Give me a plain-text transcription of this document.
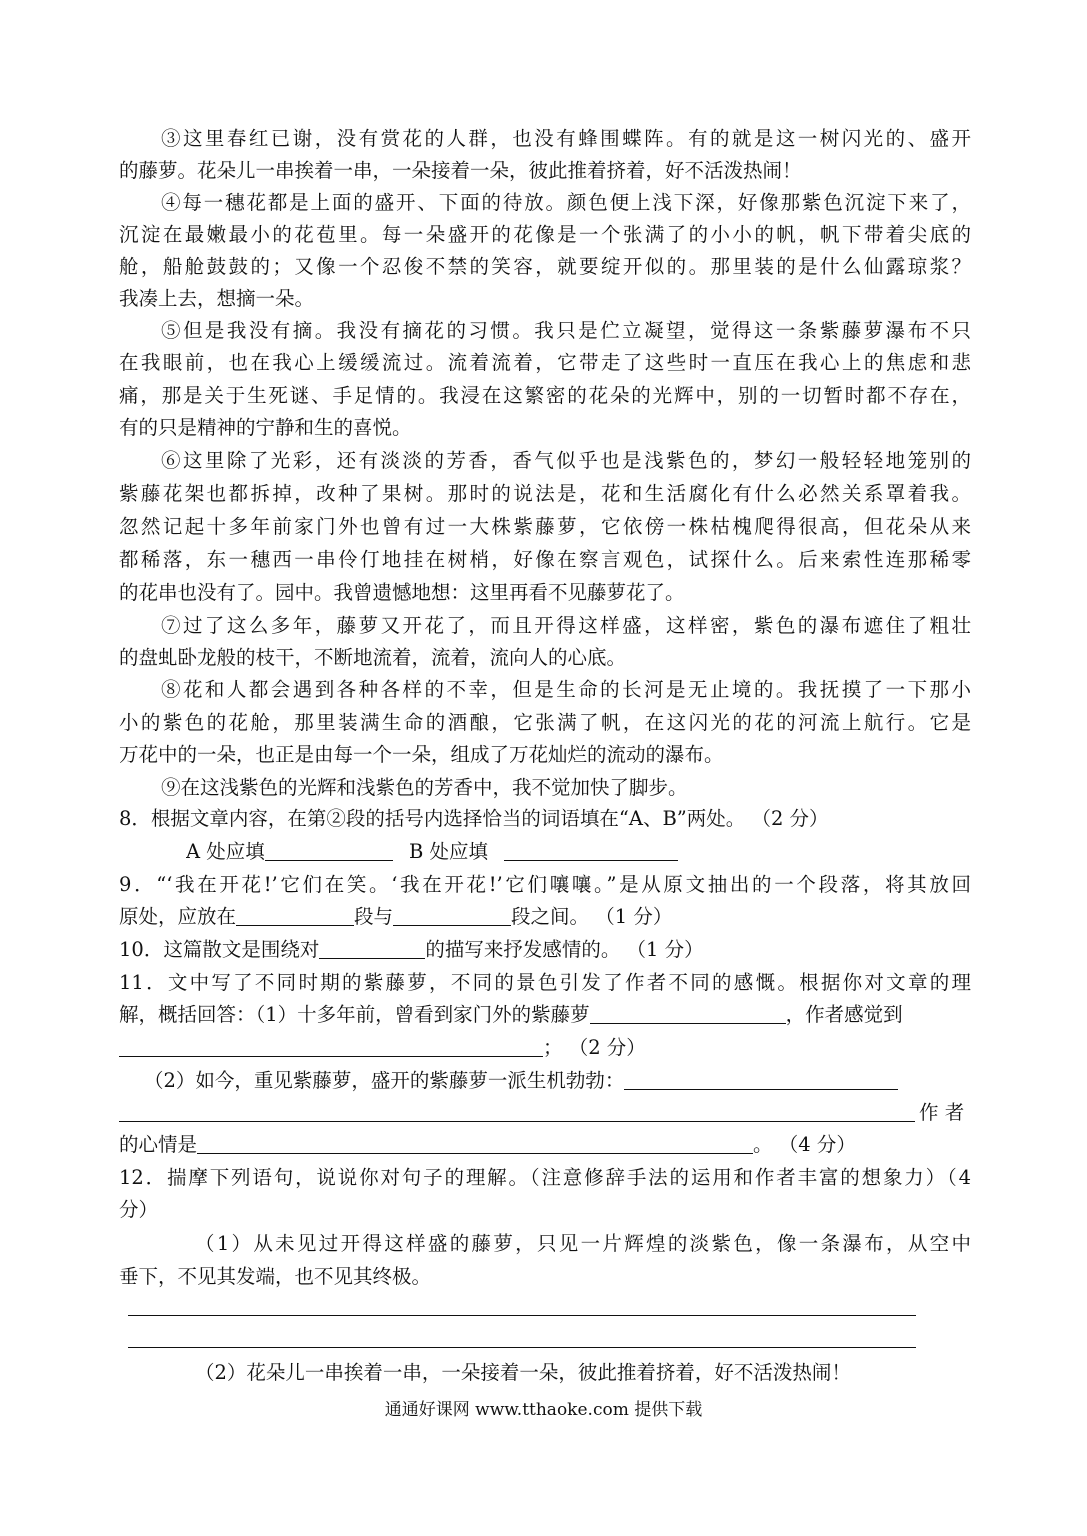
③这里春红已谢，没有赏花的人群，也没有蜂围蝶阵。有的就是这一树闪光的、盛开
的藤萝。花朵儿一串挨着一串，一朵接着一朵，彼此推着挤着，好不活泼热闹！
④每一穗花都是上面的盛开、下面的待放。颜色便上浅下深，好像那紫色沉淀下来了，
沉淀在最嫩最小的花苞里。每一朵盛开的花像是一个张满了的小小的帆，帆下带着尖底的
舱，船舱鼓鼓的；又像一个忍俊不禁的笑容，就要绽开似的。那里装的是什么仙露琼浆？
我凑上去，想摘一朵。
⑤但是我没有摘。我没有摘花的习惯。我只是伫立凝望，觉得这一条紫藤萝瀑布不只
在我眼前，也在我心上缓缓流过。流着流着，它带走了这些时一直压在我心上的焦虑和悲
痛，那是关于生死谜、手足情的。我浸在这繁密的花朵的光辉中，别的一切暂时都不存在，
有的只是精神的宁静和生的喜悦。
⑥这里除了光彩，还有淡淡的芳香，香气似乎也是浅紫色的，梦幻一般轻轻地笼别的
紫藤花架也都拆掉，改种了果树。那时的说法是，花和生活腐化有什么必然关系罩着我。
忽然记起十多年前家门外也曾有过一大株紫藤萝，它依傍一株枯槐爬得很高，但花朵从来
都稀落，东一穗西一串伶仃地挂在树梢，好像在察言观色，试探什么。后来索性连那稀零
的花串也没有了。园中。我曾遗憾地想：这里再看不见藤萝花了。
⑦过了这么多年，藤萝又开花了，而且开得这样盛，这样密，紫色的瀑布遮住了粗壮
的盘虬卧龙般的枝干，不断地流着，流着，流向人的心底。
⑧花和人都会遇到各种各样的不幸，但是生命的长河是无止境的。我抚摸了一下那小
小的紫色的花舱，那里装满生命的酒酿，它张满了帆，在这闪光的花的河流上航行。它是
万花中的一朵，也正是由每一个一朵，组成了万花灿烂的流动的瀑布。
⑨在这浅紫色的光辉和浅紫色的芳香中，我不觉加快了脚步。
8．根据文章内容，在第②段的括号内选择恰当的词语填在“A、B”两处。 （2 分）
A 处应填	B 处应填
9．“‘我在开花!’它们在笑。‘我在开花!’它们嚷嚷。”是从原文抽出的一个段落，将其放回
原处，应放在	段与	段之间。 （1 分）
10．这篇散文是围绕对	的描写来抒发感情的。 （1 分）
11．文中写了不同时期的紫藤萝，不同的景色引发了作者不同的感慨。根据你对文章的理
解，概括回答：（1）十多年前，曾看到家门外的紫藤萝	，作者感觉到
； （2 分）
（2）如今，重见紫藤萝，盛开的紫藤萝一派生机勃勃：
作 者
的心情是	。 （4 分）
12．揣摩下列语句，说说你对句子的理解。（注意修辞手法的运用和作者丰富的想象力）（4
分）
（1）从未见过开得这样盛的藤萝，只见一片辉煌的淡紫色，像一条瀑布，从空中
垂下，不见其发端，也不见其终极。
（2）花朵儿一串挨着一串，一朵接着一朵，彼此推着挤着，好不活泼热闹！
通通好课网 www.tthaoke.com 提供下载
